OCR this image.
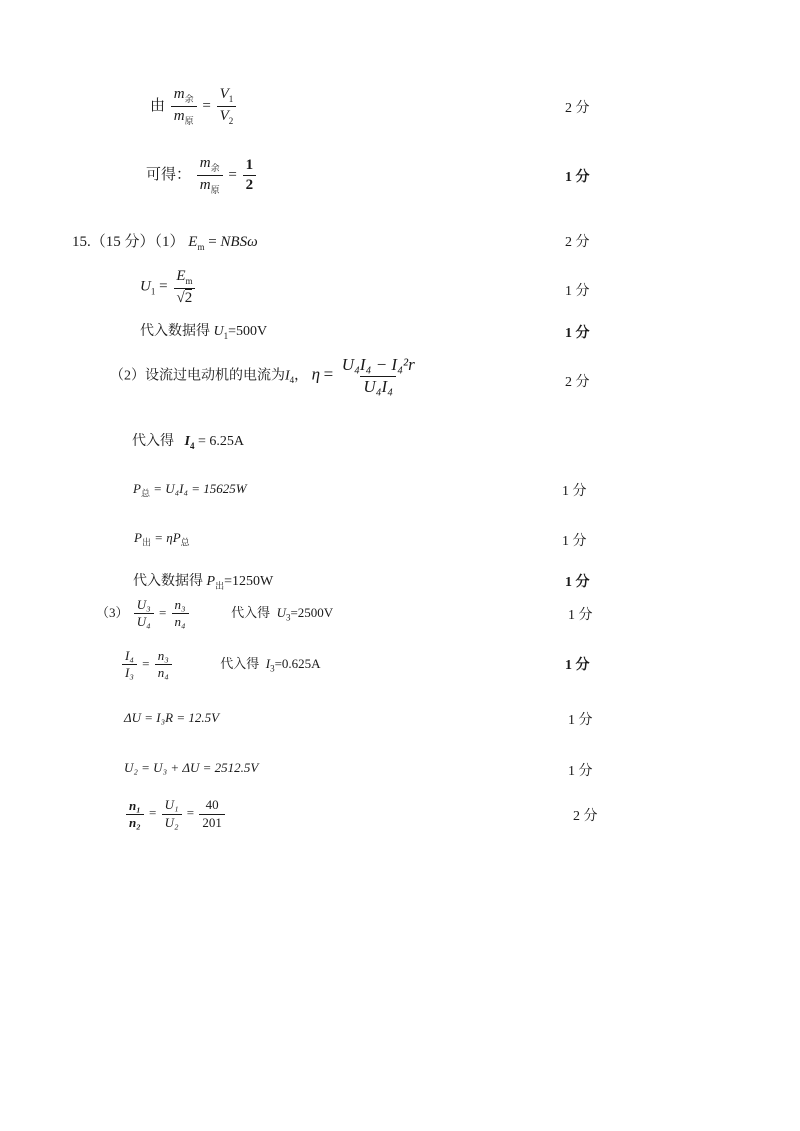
由 $\frac{m_余}{m_原} = \frac{V_1}{V_2}$	2 分
可得： $\frac{m_余}{m_原} = \frac{1}{2}$	1 分
15.（15 分）（1） $E_m = NBS\omega$	2 分
$U_1 = \frac{E_m}{√2}$	1 分
代入数据得 $U_1=500V$	1 分
（2）设流过电动机的电流为$I_4$， $\eta = \frac{\text{U₄I₄ − I₄²r}}{\text{U₄I₄}}$	2 分
代入得 $I_4 = 6.25A$
$P_总 = U_4I_4 = 15625W$	1 分
$P_出 = \eta P_总$	1 分
代入数据得 $P_出=1250W$	1 分
$(3) \frac{\text{U₃}}{\text{U₄}} = \frac{\text{n₃}}{\text{n₄}}$	代入得 $U_3=2500V$	1 分
$\frac{\text{I₄}}{\text{I₃}} = \frac{\text{n₃}}{\text{n₄}}$	代入得 $I_3=0.625A$	1 分
ΔU = I₃R = 12.5V	1 分
U₂ = U₃ + ΔU = 2512.5V	1 分
$\frac{\text{n₁}}{\text{n₂}} = \frac{\text{U₁}}{\text{U₂}} = \frac{40}{201}$	2 分
